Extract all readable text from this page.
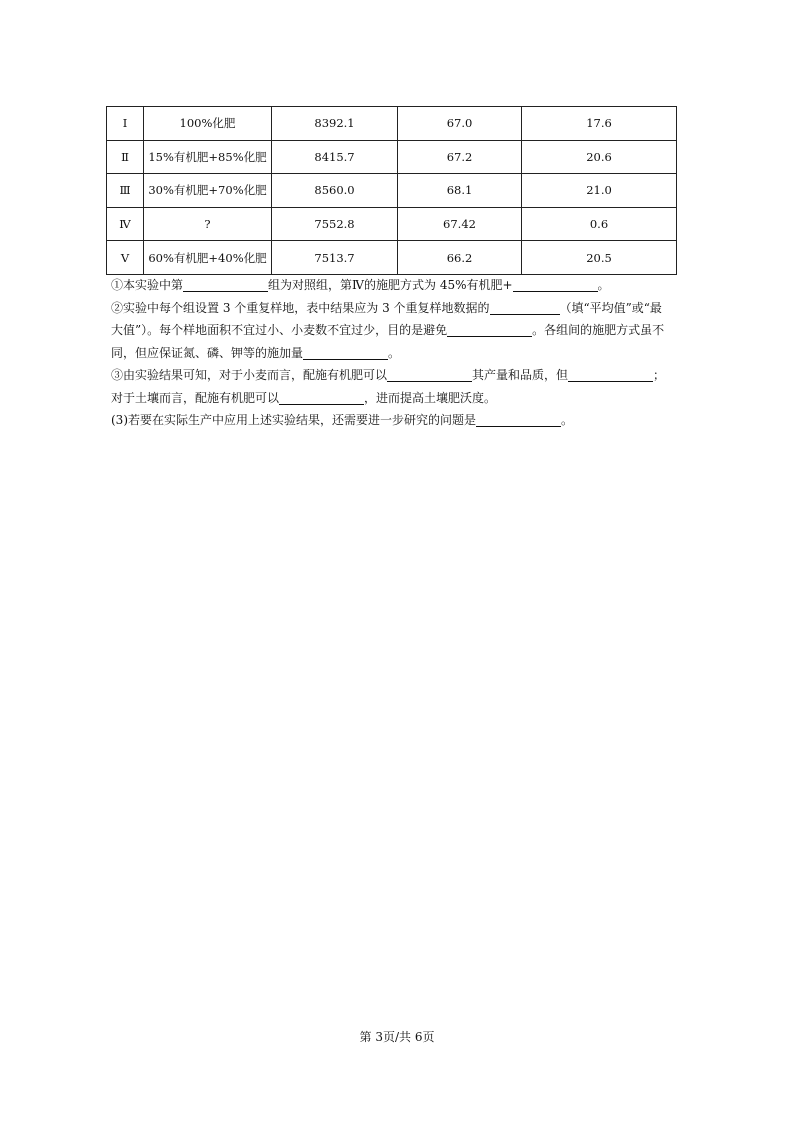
Ⅰ	100%化肥	8392.1	67.0	17.6
Ⅱ	15%有机肥+85%化肥	8415.7	67.2	20.6
Ⅲ	30%有机肥+70%化肥	8560.0	68.1	21.0
Ⅳ	?	7552.8	67.42	0.6
Ⅴ	60%有机肥+40%化肥	7513.7	66.2	20.5
①本实验中第	组为对照组，第Ⅳ的施肥方式为 45%有机肥+	。
②实验中每个组设置 3 个重复样地，表中结果应为 3 个重复样地数据的	（填“平均值”或“最
大值”）。每个样地面积不宜过小、小麦数不宜过少，目的是避免	。各组间的施肥方式虽不
同，但应保证氮、磷、钾等的施加量	。
③由实验结果可知，对于小麦而言，配施有机肥可以	其产量和品质，但	；
对于土壤而言，配施有机肥可以	，进而提高土壤肥沃度。
(3)若要在实际生产中应用上述实验结果，还需要进一步研究的问题是	。
第 3页/共 6页
